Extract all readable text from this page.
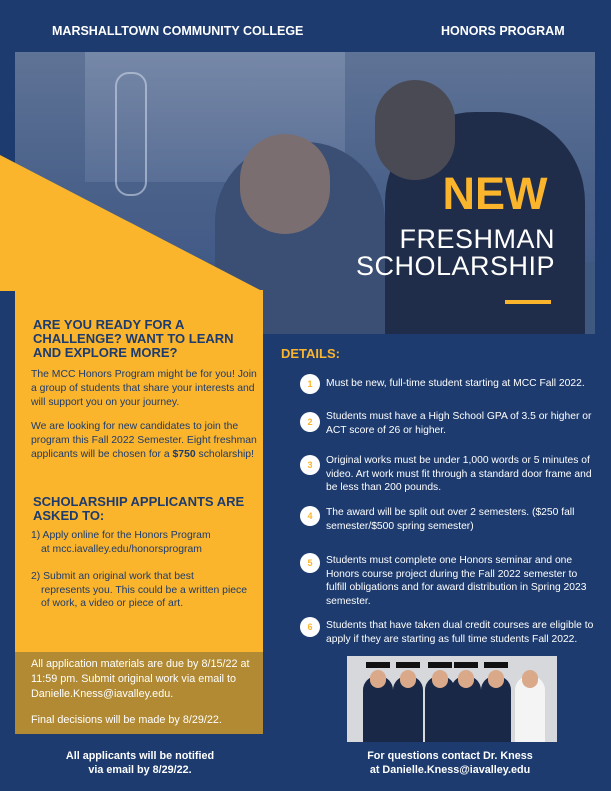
MARSHALLTOWN COMMUNITY COLLEGE	HONORS PROGRAM
NEW
FRESHMAN
SCHOLARSHIP
ARE YOU READY FOR A CHALLENGE? WANT TO LEARN AND EXPLORE MORE?
The MCC Honors Program might be for you! Join a group of students that share your interests and will support you on your journey.
We are looking for new candidates to join the program this Fall 2022 Semester. Eight freshman applicants will be chosen for a $750 scholarship!
SCHOLARSHIP APPLICANTS ARE ASKED TO:
1) Apply online for the Honors Program
at mcc.iavalley.edu/honorsprogram
2) Submit an original work that best
represents you. This could be a written piece of work, a video or piece of art.
All application materials are due by 8/15/22 at 11:59 pm. Submit original work via email to Danielle.Kness@iavalley.edu.
Final decisions will be made by 8/29/22.
DETAILS:
1	Must be new, full-time student starting at MCC Fall 2022.
2	Students must have a High School GPA of 3.5 or higher or ACT score of 26 or higher.
3	Original works must be under 1,000 words or 5 minutes of video. Art work must fit through a standard door frame and be less than 200 pounds.
4	The award will be split out over 2 semesters. ($250 fall semester/$500 spring semester)
5	Students must complete one Honors seminar and one Honors course project during the Fall 2022 semester to fulfill obligations and for award distribution in Spring 2023 semester.
6	Students that have taken dual credit courses are eligible to apply if they are starting as full time students Fall 2022.
All applicants will be notified
via email by 8/29/22.
For questions contact Dr. Kness
at Danielle.Kness@iavalley.edu
